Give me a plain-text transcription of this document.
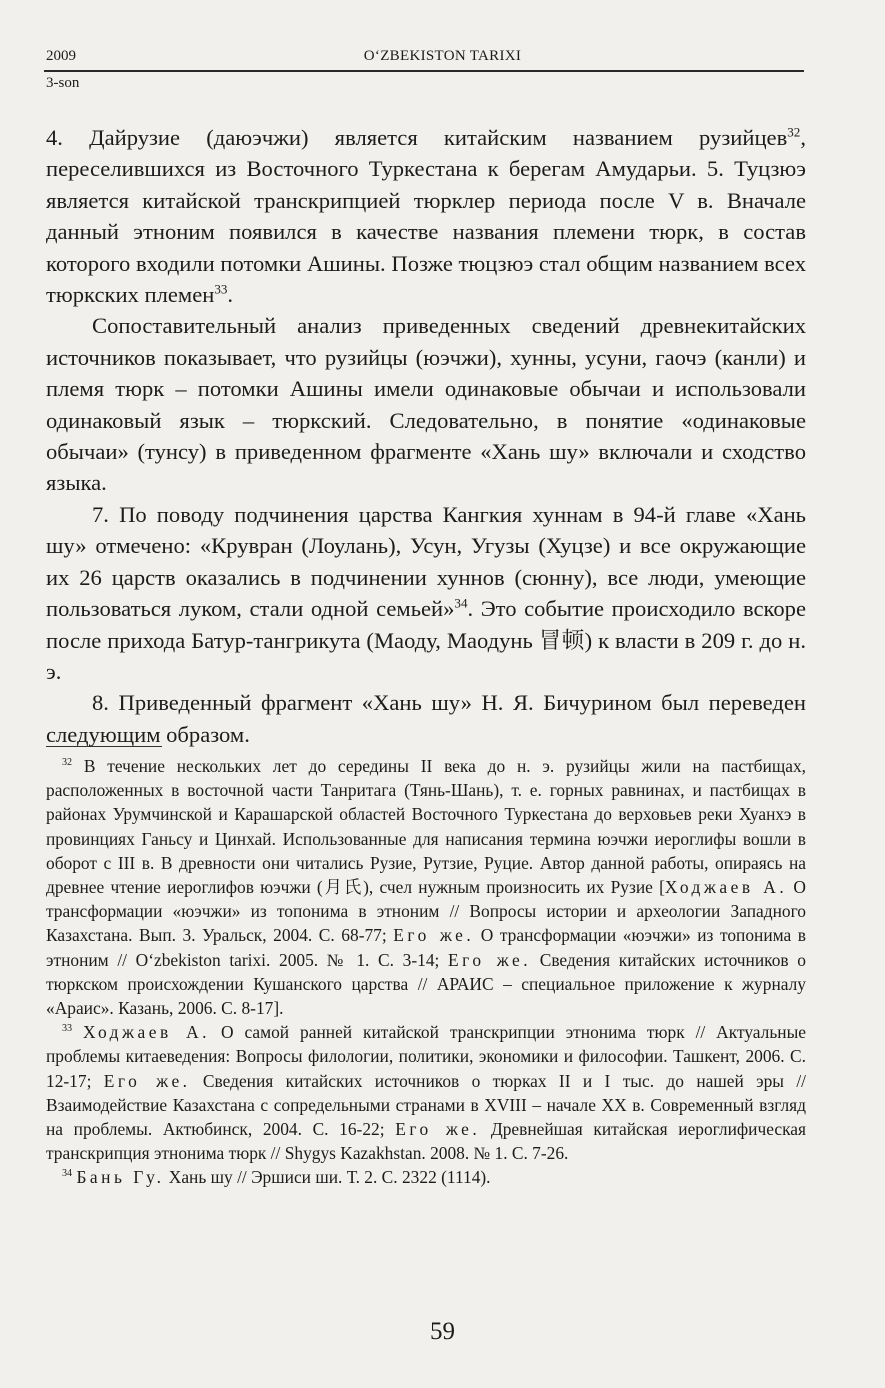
2009	O‘ZBEKISTON TARIXI
3-son

4. Дайрузие (даюэчжи) является китайским названием рузийцев$^{32}$, переселившихся из Восточного Туркестана к берегам Амударьи. 5. Туцзюэ является китайской транскрипцией тюрклер периода после V в. Вначале данный этноним появился в качестве названия племени тюрк, в состав которого входили потомки Ашины. Позже тюцзюэ стал общим названием всех тюркских племен$^{33}$.

Сопоставительный анализ приведенных сведений древнекитайских источников показывает, что рузийцы (юэчжи), хунны, усуни, гаочэ (канли) и племя тюрк – потомки Ашины имели одинаковые обычаи и использовали одинаковый язык – тюркский. Следовательно, в понятие «одинаковые обычаи» (тунсу) в приведенном фрагменте «Хань шу» включали и сходство языка.

7. По поводу подчинения царства Кангкия хуннам в 94-й главе «Хань шу» отмечено: «Крувран (Лоулань), Усун, Угузы (Хуцзе) и все окружающие их 26 царств оказались в подчинении хуннов (сюнну), все люди, умеющие пользоваться луком, стали одной семьей»$^{34}$. Это событие происходило вскоре после прихода Батур-тангрикута (Маоду, Маодунь 冒顿) к власти в 209 г. до н. э.

8. Приведенный фрагмент «Хань шу» Н. Я. Бичурином был переведен следующим образом.

$^{32}$ В течение нескольких лет до середины II века до н. э. рузийцы жили на пастбищах, расположенных в восточной части Танритага (Тянь-Шань), т. е. горных равнинах, и пастбищах в районах Урумчинской и Карашарской областей Восточного Туркестана до верховьев реки Хуанхэ в провинциях Ганьсу и Цинхай. Использованные для написания термина юэчжи иероглифы вошли в оборот с III в. В древности они читались Рузие, Рутзие, Руцие. Автор данной работы, опираясь на древнее чтение иероглифов юэчжи (月氏), счел нужным произносить их Рузие [Ходжаев А. О трансформации «юэчжи» из топонима в этноним // Вопросы истории и археологии Западного Казахстана. Вып. 3. Уральск, 2004. С. 68-77; Его же. О трансформации «юэчжи» из топонима в этноним // O‘zbekiston tarixi. 2005. № 1. С. 3-14; Его же. Сведения китайских источников о тюркском происхождении Кушанского царства // АРАИС – специальное приложение к журналу «Араис». Казань, 2006. С. 8-17].

$^{33}$ Ходжаев А. О самой ранней китайской транскрипции этнонима тюрк // Актуальные проблемы китаеведения: Вопросы филологии, политики, экономики и философии. Ташкент, 2006. С. 12-17; Его же. Сведения китайских источников о тюрках II и I тыс. до нашей эры // Взаимодействие Казахстана с сопредельными странами в XVIII – начале XX в. Современный взгляд на проблемы. Актюбинск, 2004. С. 16-22; Его же. Древнейшая китайская иероглифическая транскрипция этнонима тюрк // Shygys Kazakhstan. 2008. № 1. С. 7-26.

$^{34}$ Бань Гу. Хань шу // Эршиси ши. Т. 2. С. 2322 (1114).

59
